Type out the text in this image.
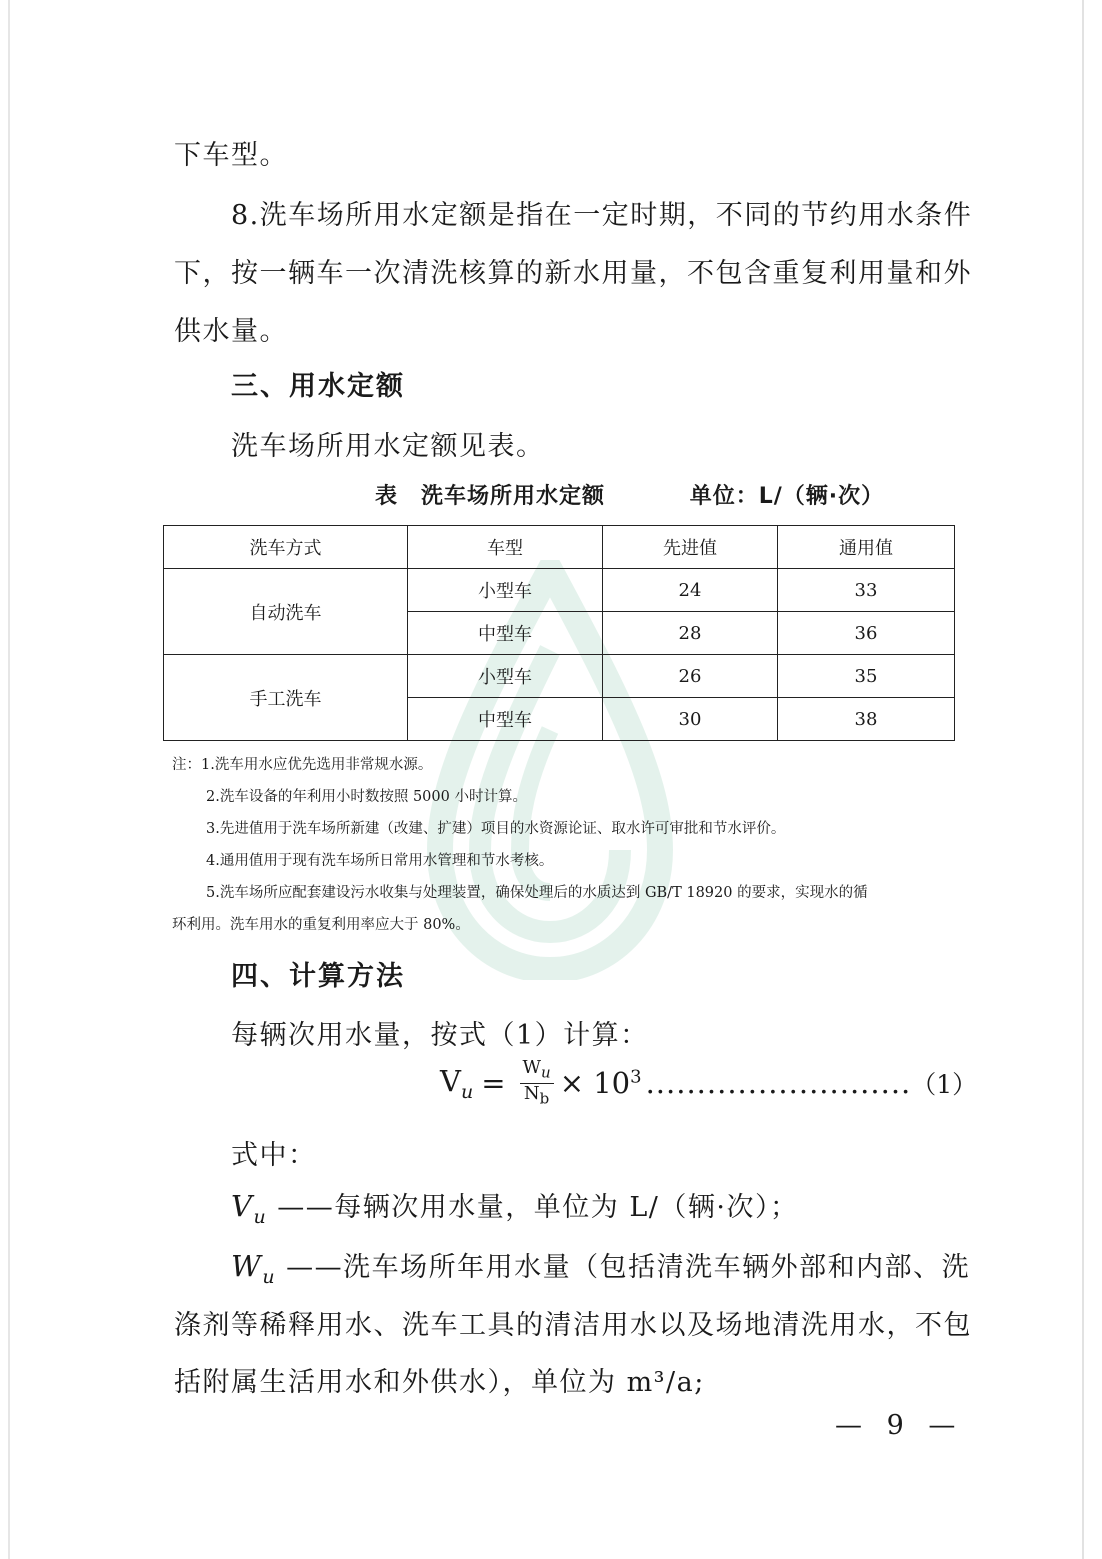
下车型。

8.洗车场所用水定额是指在一定时期，不同的节约用水条件

下，按一辆车一次清洗核算的新水用量，不包含重复利用量和外

供水量。

三、用水定额

洗车场所用水定额见表。

表　洗车场所用水定额	单位：L/（辆·次）
洗车方式	车型	先进值	通用值
自动洗车	小型车	24	33
	中型车	28	36
手工洗车	小型车	26	35
	中型车	30	38
注：1.洗车用水应优先选用非常规水源。
2.洗车设备的年利用小时数按照 5000 小时计算。
3.先进值用于洗车场所新建（改建、扩建）项目的水资源论证、取水许可审批和节水评价。
4.通用值用于现有洗车场所日常用水管理和节水考核。
5.洗车场所应配套建设污水收集与处理装置，确保处理后的水质达到 GB/T 18920 的要求，实现水的循
环利用。洗车用水的重复利用率应大于 80%。
四、计算方法

每辆次用水量，按式（1）计算：

$V_u = \frac{W_u}{N_b} \times 10^3$ .......................... （1）

式中：

$V_u$ ——每辆次用水量，单位为 L/（辆·次）；

$W_u$ ——洗车场所年用水量（包括清洗车辆外部和内部、洗

涤剂等稀释用水、洗车工具的清洁用水以及场地清洗用水，不包

括附属生活用水和外供水），单位为 m³/a;

— 9 —
